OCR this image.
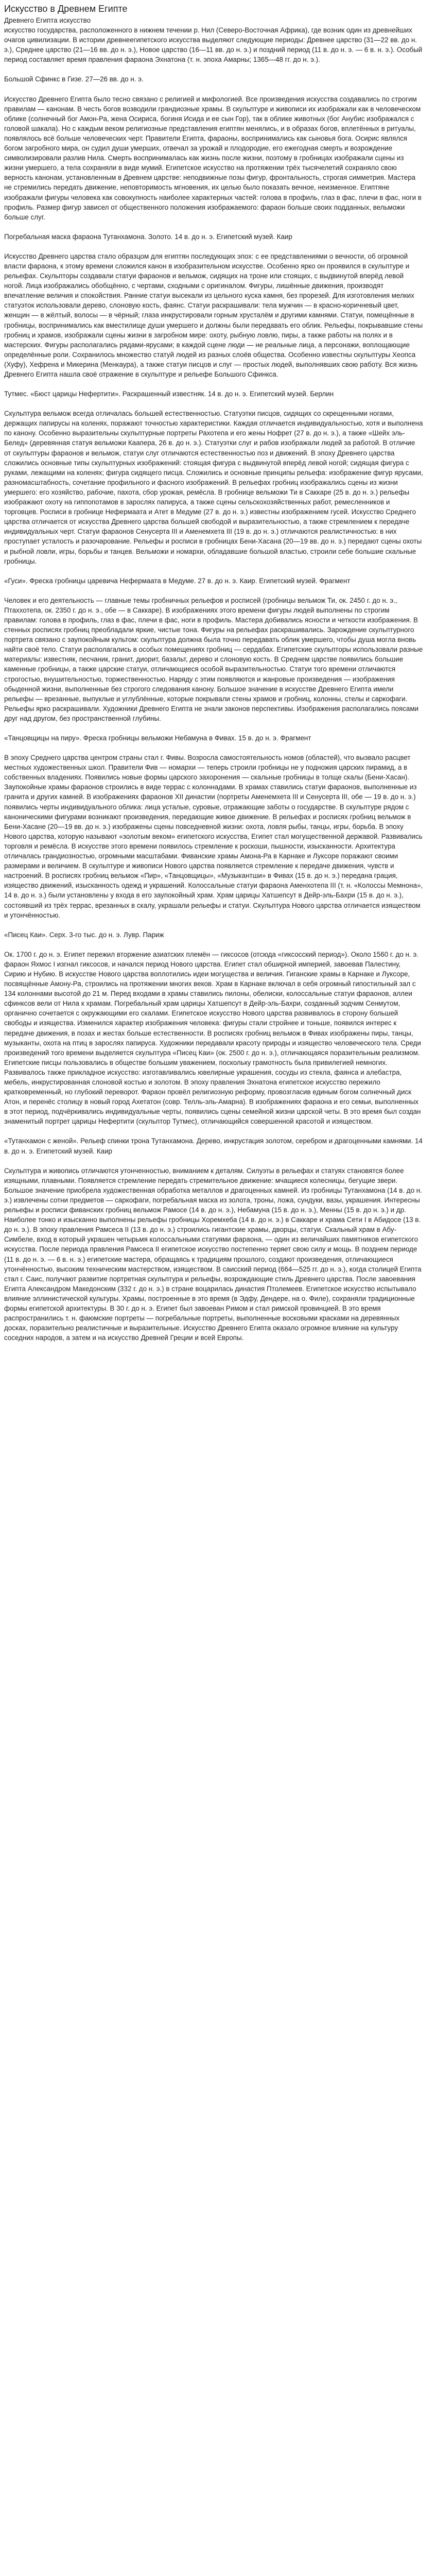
Искусство в Древнем Египте

Древнего Египта искусство

искусство государства, расположенного в нижнем течении р. Нил (Северо-Восточная Африка), где возник один из древнейших очагов цивилизации. В истории древнеегипетского искусства выделяют следующие периоды: Древнее царство (31—22 вв. до н. э.), Среднее царство (21—16 вв. до н. э.), Новое царство (16—11 вв. до н. э.) и поздний период (11 в. до н. э. — 6 в. н. э.). Особый период составляет время правления фараона Эхнатона (т. н. эпоха Амарны; 1365—48 гг. до н. э.).

Большой Сфинкс в Гизе. 27—26 вв. до н. э.

Искусство Древнего Египта было тесно связано с религией и мифологией. Все произведения искусства создавались по строгим правилам — канонам. В честь богов возводили грандиозные храмы. В скульптуре и живописи их изображали как в человеческом облике (солнечный бог Амон-Ра, жена Осириса, богиня Исида и ее сын Гор), так в облике животных (бог Анубис изображался с головой шакала). Но с каждым веком религиозные представления египтян менялись, и в образах богов, вплетённых в ритуалы, появлялось всё больше человеческих черт. Правители Египта, фараоны, воспринимались как сыновья бога. Осирис являлся богом загробного мира, он судил души умерших, отвечал за урожай и плодородие, его ежегодная смерть и возрождение символизировали разлив Нила. Смерть воспринималась как жизнь после жизни, поэтому в гробницах изображали сцены из жизни умершего, а тела сохраняли в виде мумий. Египетское искусство на протяжении трёх тысячелетий сохраняло свою верность канонам, установленным в Древнем царстве: неподвижные позы фигур, фронтальность, строгая симметрия. Мастера не стремились передать движение, неповторимость мгновения, их целью было показать вечное, неизменное. Египтяне изображали фигуры человека как совокупность наиболее характерных частей: голова в профиль, глаз в фас, плечи в фас, ноги в профиль. Размер фигур зависел от общественного положения изображаемого: фараон больше своих подданных, вельможи больше слуг.

Погребальная маска фараона Тутанхамона. Золото. 14 в. до н. э. Египетский музей. Каир

Искусство Древнего царства стало образцом для египтян последующих эпох: с ее представлениями о вечности, об огромной власти фараона, к этому времени сложился канон в изобразительном искусстве. Особенно ярко он проявился в скульптуре и рельефах. Скульпторы создавали статуи фараонов и вельмож, сидящих на троне или стоящих, с выдвинутой вперёд левой ногой. Лица изображались обобщённо, с чертами, сходными с оригиналом. Фигуры, лишённые движения, производят впечатление величия и спокойствия. Ранние статуи высекали из цельного куска камня, без прорезей. Для изготовления мелких статуэток использовали дерево, слоновую кость, фаянс. Статуи раскрашивали: тела мужчин — в красно-коричневый цвет, женщин — в жёлтый, волосы — в чёрный; глаза инкрустировали горным хрусталём и другими камнями. Статуи, помещённые в гробницы, воспринимались как вместилище души умершего и должны были передавать его облик. Рельефы, покрывавшие стены гробниц и храмов, изображали сцены жизни в загробном мире: охоту, рыбную ловлю, пиры, а также работы на полях и в мастерских. Фигуры располагались рядами-ярусами; в каждой сцене люди — не реальные лица, а персонажи, воплощающие определённые роли. Сохранилось множество статуй людей из разных слоёв общества. Особенно известны скульптуры Хеопса (Хуфу), Хефрена и Микерина (Менкаура), а также статуи писцов и слуг — простых людей, выполнявших свою работу. Вся жизнь Древнего Египта нашла своё отражение в скульптуре и рельефе Большого Сфинкса.

Тутмес. «Бюст царицы Нефертити». Раскрашенный известняк. 14 в. до н. э. Египетский музей. Берлин

Скульптура вельмож всегда отличалась большей естественностью. Статуэтки писцов, сидящих со скрещенными ногами, держащих папирусы на коленях, поражают точностью характеристики. Каждая отличается индивидуальностью, хотя и выполнена по канону. Особенно выразительны скульптурные портреты Рахотепа и его жены Нофрет (27 в. до н. э.), а также «Шейх эль-Белед» (деревянная статуя вельможи Каапера, 26 в. до н. э.). Статуэтки слуг и рабов изображали людей за работой. В отличие от скульптуры фараонов и вельмож, статуи слуг отличаются естественностью поз и движений. В эпоху Древнего царства сложились основные типы скульптурных изображений: стоящая фигура с выдвинутой вперёд левой ногой; сидящая фигура с руками, лежащими на коленях; фигура сидящего писца. Сложились и основные принципы рельефа: изображение фигур ярусами, разномасштабность, сочетание профильного и фасного изображений. В рельефах гробниц изображались сцены из жизни умершего: его хозяйство, рабочие, пахота, сбор урожая, ремёсла. В гробнице вельможи Ти в Саккаре (25 в. до н. э.) рельефы изображают охоту на гиппопотамов в зарослях папируса, а также сцены сельскохозяйственных работ, ремесленников и торговцев. Росписи в гробнице Нефермаата и Атет в Медуме (27 в. до н. э.) известны изображением гусей. Искусство Среднего царства отличается от искусства Древнего царства большей свободой и выразительностью, а также стремлением к передаче индивидуальных черт. Статуи фараонов Сенусерта III и Аменемхета III (19 в. до н. э.) отличаются реалистичностью: в них проступает усталость и разочарование. Рельефы и росписи в гробницах Бени-Хасана (20—19 вв. до н. э.) передают сцены охоты и рыбной ловли, игры, борьбы и танцев. Вельможи и номархи, обладавшие большой властью, строили себе большие скальные гробницы.

«Гуси». Фреска гробницы царевича Нефермаата в Медуме. 27 в. до н. э. Каир. Египетский музей. Фрагмент

Человек и его деятельность — главные темы гробничных рельефов и росписей (гробницы вельмож Ти, ок. 2450 г. до н. э., Птаххотепа, ок. 2350 г. до н. э., обе — в Саккаре). В изображениях этого времени фигуры людей выполнены по строгим правилам: голова в профиль, глаз в фас, плечи в фас, ноги в профиль. Мастера добивались ясности и четкости изображения. В стенных росписях гробниц преобладали яркие, чистые тона. Фигуры на рельефах раскрашивались. Зарождение скульптурного портрета связано с заупокойным культом: скульптура должна была точно передавать облик умершего, чтобы душа могла вновь найти своё тело. Статуи располагались в особых помещениях гробниц — сердабах. Египетские скульпторы использовали разные материалы: известняк, песчаник, гранит, диорит, базальт, дерево и слоновую кость. В Среднем царстве появились большие каменные гробницы, а также царские статуи, отличающиеся особой выразительностью. Статуи того времени отличаются строгостью, внушительностью, торжественностью. Наряду с этим появляются и жанровые произведения — изображения обыденной жизни, выполненные без строгого следования канону. Большое значение в искусстве Древнего Египта имели рельефы — врезанные, выпуклые и углублённые, которые покрывали стены храмов и гробниц, колонны, стелы и саркофаги. Рельефы ярко раскрашивали. Художники Древнего Египта не знали законов перспективы. Изображения располагались поясами друг над другом, без пространственной глубины.

«Танцовщицы на пиру». Фреска гробницы вельможи Небамуна в Фивах. 15 в. до н. э. Фрагмент

В эпоху Среднего царства центром страны стал г. Фивы. Возросла самостоятельность номов (областей), что вызвало расцвет местных художественных школ. Правители Фив — номархи — теперь строили гробницы не у подножия царских пирамид, а в собственных владениях. Появились новые формы царского захоронения — скальные гробницы в толще скалы (Бени-Хасан). Заупокойные храмы фараонов строились в виде террас с колоннадами. В храмах ставились статуи фараонов, выполненные из гранита и других камней. В изображениях фараонов XII династии (портреты Аменемхета III и Сенусерта III, обе — 19 в. до н. э.) появились черты индивидуального облика: лица усталые, суровые, отражающие заботы о государстве. В скульптуре рядом с каноническими фигурами возникают произведения, передающие живое движение. В рельефах и росписях гробниц вельмож в Бени-Хасане (20—19 вв. до н. э.) изображены сцены повседневной жизни: охота, ловля рыбы, танцы, игры, борьба. В эпоху Нового царства, которую называют «золотым веком» египетского искусства, Египет стал могущественной державой. Развивались торговля и ремёсла. В искусстве этого времени появилось стремление к роскоши, пышности, изысканности. Архитектура отличалась грандиозностью, огромными масштабами. Фиванские храмы Амона-Ра в Карнаке и Луксоре поражают своими размерами и величием. В скульптуре и живописи Нового царства появляется стремление к передаче движения, чувств и настроений. В росписях гробниц вельмож «Пир», «Танцовщицы», «Музыкантши» в Фивах (15 в. до н. э.) передана грация, изящество движений, изысканность одежд и украшений. Колоссальные статуи фараона Аменхотепа III (т. н. «Колоссы Мемнона», 14 в. до н. э.) были установлены у входа в его заупокойный храм. Храм царицы Хатшепсут в Дейр-эль-Бахри (15 в. до н. э.), состоявший из трёх террас, врезанных в скалу, украшали рельефы и статуи. Скульптура Нового царства отличается изяществом и утончённостью.

«Писец Каи». Серх. 3-го тыс. до н. э. Лувр. Париж

Ок. 1700 г. до н. э. Египет пережил вторжение азиатских племён — гиксосов (отсюда «гиксосский период»). Около 1560 г. до н. э. фараон Яхмос I изгнал гиксосов, и начался период Нового царства. Египет стал обширной империей, завоевав Палестину, Сирию и Нубию. В искусстве Нового царства воплотились идеи могущества и величия. Гиганские храмы в Карнаке и Луксоре, посвящённые Амону-Ра, строились на протяжении многих веков. Храм в Карнаке включал в себя огромный гипостильный зал с 134 колоннами высотой до 21 м. Перед входами в храмы ставились пилоны, обелиски, колоссальные статуи фараонов, аллеи сфинксов вели от Нила к храмам. Погребальный храм царицы Хатшепсут в Дейр-эль-Бахри, созданный зодчим Сенмутом, органично сочетается с окружающими его скалами. Египетское искусство Нового царства развивалось в сторону большей свободы и изящества. Изменился характер изображения человека: фигуры стали стройнее и тоньше, появился интерес к передаче движения, в позах и жестах больше естественности. В росписях гробниц вельмож в Фивах изображены пиры, танцы, музыканты, охота на птиц в зарослях папируса. Художники передавали красоту природы и изящество человеческого тела. Среди произведений того времени выделяется скульптура «Писец Каи» (ок. 2500 г. до н. э.), отличающаяся поразительным реализмом. Египетские писцы пользовались в обществе большим уважением, поскольку грамотность была привилегией немногих. Развивалось также прикладное искусство: изготавливались ювелирные украшения, сосуды из стекла, фаянса и алебастра, мебель, инкрустированная слоновой костью и золотом. В эпоху правления Эхнатона египетское искусство пережило кратковременный, но глубокий переворот. Фараон провёл религиозную реформу, провозгласив единым богом солнечный диск Атон, и перенёс столицу в новый город Ахетатон (совр. Телль-эль-Амарна). В изображениях фараона и его семьи, выполненных в этот период, подчёркивались индивидуальные черты, появились сцены семейной жизни царской четы. В это время был создан знаменитый портрет царицы Нефертити (скульптор Тутмес), отличающийся совершенной красотой и изяществом.

«Тутанхамон с женой». Рельеф спинки трона Тутанхамона. Дерево, инкрустация золотом, серебром и драгоценными камнями. 14 в. до н. э. Египетский музей. Каир

Скульптура и живопись отличаются утонченностью, вниманием к деталям. Силуэты в рельефах и статуях становятся более изящными, плавными. Появляется стремление передать стремительное движение: мчащиеся колесницы, бегущие звери. Большое значение приобрела художественная обработка металлов и драгоценных камней. Из гробницы Тутанхамона (14 в. до н. э.) извлечены сотни предметов — саркофаги, погребальная маска из золота, троны, ложа, сундуки, вазы, украшения. Интересны рельефы и росписи фиванских гробниц вельмож Рамосе (14 в. до н. э.), Небамуна (15 в. до н. э.), Менны (15 в. до н. э.) и др. Наиболее тонко и изысканно выполнены рельефы гробницы Хоремхеба (14 в. до н. э.) в Саккаре и храма Сети I в Абидосе (13 в. до н. э.). В эпоху правления Рамсеса II (13 в. до н. э.) строились гигантские храмы, дворцы, статуи. Скальный храм в Абу-Симбеле, вход в который украшен четырьмя колоссальными статуями фараона, — один из величайших памятников египетского искусства. После периода правления Рамсеса II египетское искусство постепенно теряет свою силу и мощь. В позднем периоде (11 в. до н. э. — 6 в. н. э.) египетские мастера, обращаясь к традициям прошлого, создают произведения, отличающиеся утончённостью, высоким техническим мастерством, изяществом. В саисский период (664—525 гг. до н. э.), когда столицей Египта стал г. Саис, получают развитие портретная скульптура и рельефы, возрождающие стиль Древнего царства. После завоевания Египта Александром Македонским (332 г. до н. э.) в стране воцарилась династия Птолемеев. Египетское искусство испытывало влияние эллинистической культуры. Храмы, построенные в это время (в Эдфу, Дендере, на о. Филе), сохраняли традиционные формы египетской архитектуры. В 30 г. до н. э. Египет был завоеван Римом и стал римской провинцией. В это время распространились т. н. фаюмские портреты — погребальные портреты, выполненные восковыми красками на деревянных досках, поразительно реалистичные и выразительные. Искусство Древнего Египта оказало огромное влияние на культуру соседних народов, а затем и на искусство Древней Греции и всей Европы.
